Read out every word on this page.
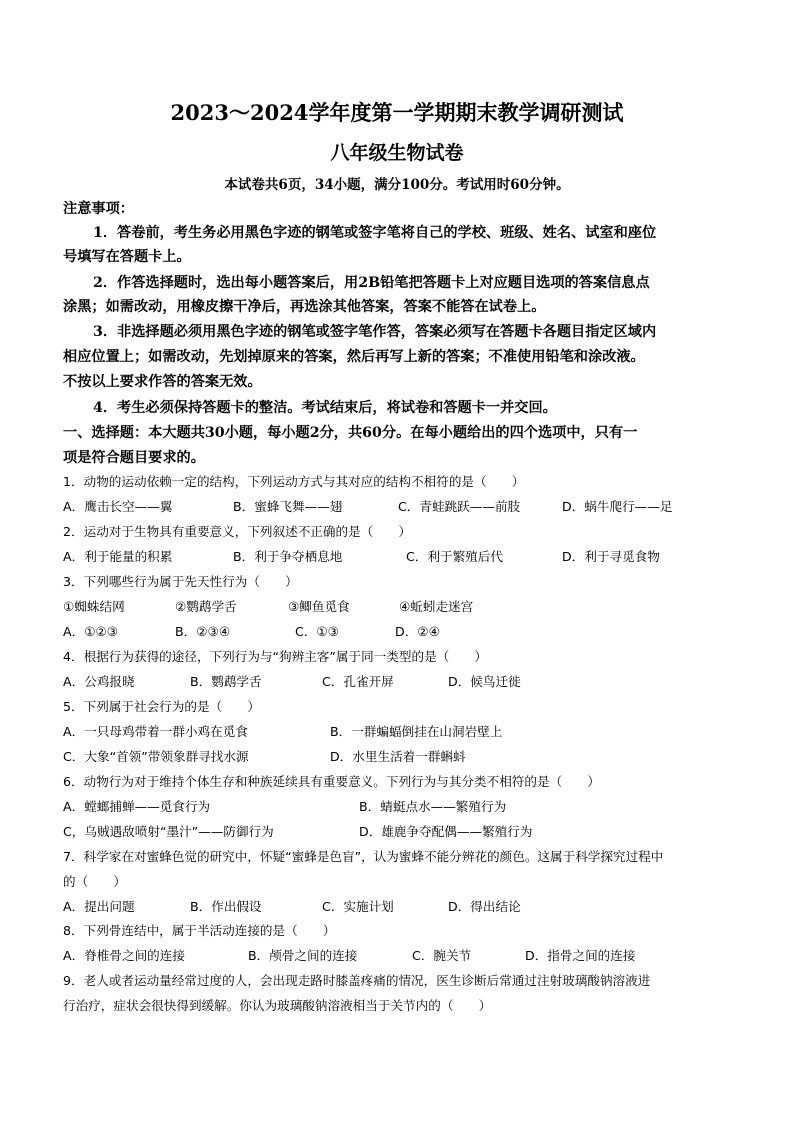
2023～2024学年度第一学期期末教学调研测试
八年级生物试卷
本试卷共6页，34小题，满分100分。考试用时60分钟。
注意事项：
1．答卷前，考生务必用黑色字迹的钢笔或签字笔将自己的学校、班级、姓名、试室和座位
号填写在答题卡上。
2．作答选择题时，选出每小题答案后，用2B铅笔把答题卡上对应题目选项的答案信息点
涂黑；如需改动，用橡皮擦干净后，再选涂其他答案，答案不能答在试卷上。
3．非选择题必须用黑色字迹的钢笔或签字笔作答，答案必须写在答题卡各题目指定区域内
相应位置上；如需改动，先划掉原来的答案，然后再写上新的答案；不准使用铅笔和涂改液。
不按以上要求作答的答案无效。
4．考生必须保持答题卡的整洁。考试结束后，将试卷和答题卡一并交回。
一、选择题：本大题共30小题，每小题2分，共60分。在每小题给出的四个选项中，只有一
项是符合题目要求的。
1．动物的运动依赖一定的结构，下列运动方式与其对应的结构不相符的是（　　）
A．鹰击长空——翼	B．蜜蜂飞舞——翅	C．青蛙跳跃——前肢	D．蜗牛爬行——足
2．运动对于生物具有重要意义，下列叙述不正确的是（　　）
A．利于能量的积累	B．利于争夺栖息地	C．利于繁殖后代	D．利于寻觅食物
3．下列哪些行为属于先天性行为（　　）
①蜘蛛结网	②鹦鹉学舌	③鲫鱼觅食	④蚯蚓走迷宫
A．①②③	B．②③④	C．①③	D．②④
4．根据行为获得的途径，下列行为与“狗辨主客”属于同一类型的是（　　）
A．公鸡报晓	B．鹦鹉学舌	C．孔雀开屏	D．候鸟迁徙
5．下列属于社会行为的是（　　）
A．一只母鸡带着一群小鸡在觅食	B．一群蝙蝠倒挂在山洞岩壁上
C．大象“首领”带领象群寻找水源	D．水里生活着一群蝌蚪
6．动物行为对于维持个体生存和种族延续具有重要意义。下列行为与其分类不相符的是（　　）
A．螳螂捕蝉——觅食行为	B．蜻蜓点水——繁殖行为
C，乌贼遇敌喷射“墨汁”——防御行为	D．雄鹿争夺配偶——繁殖行为
7．科学家在对蜜蜂色觉的研究中，怀疑“蜜蜂是色盲”，认为蜜蜂不能分辨花的颜色。这属于科学探究过程中
的（　　）
A．提出问题	B．作出假设	C．实施计划	D．得出结论
8．下列骨连结中，属于半活动连接的是（　　）
A．脊椎骨之间的连接	B．颅骨之间的连接	C．腕关节	D．指骨之间的连接
9．老人或者运动量经常过度的人，会出现走路时膝盖疼痛的情况，医生诊断后常通过注射玻璃酸钠溶液进
行治疗，症状会很快得到缓解。你认为玻璃酸钠溶液相当于关节内的（　　）
